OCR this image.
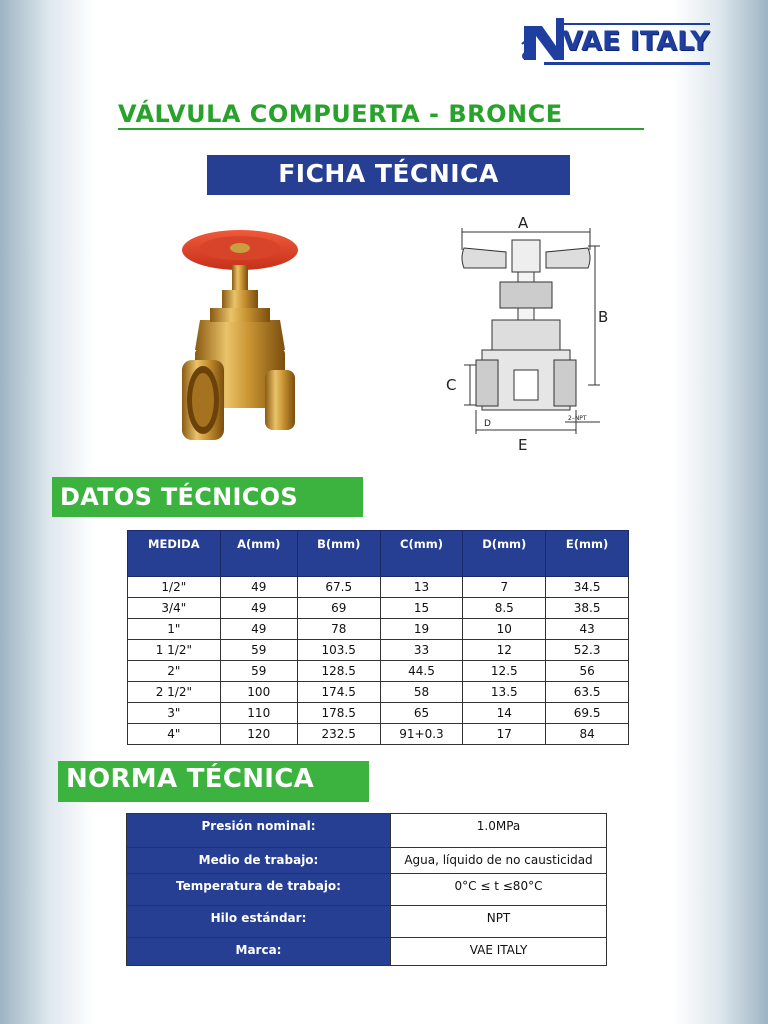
VAE ITALY
VÁLVULA COMPUERTA - BRONCE
FICHA TÉCNICA
A
B
C
D
E
2–NPT
DATOS TÉCNICOS
MEDIDA	A(mm)	B(mm)	C(mm)	D(mm)	E(mm)
1/2"	49	67.5	13	7	34.5
3/4"	49	69	15	8.5	38.5
1"	49	78	19	10	43
1 1/2"	59	103.5	33	12	52.3
2"	59	128.5	44.5	12.5	56
2 1/2"	100	174.5	58	13.5	63.5
3"	110	178.5	65	14	69.5
4"	120	232.5	91+0.3	17	84
NORMA TÉCNICA
Presión nominal:	1.0MPa
Medio de trabajo:	Agua, líquido de no causticidad
Temperatura de trabajo:	0°C ≤ t ≤80°C
Hilo estándar:	NPT
Marca:	VAE ITALY
